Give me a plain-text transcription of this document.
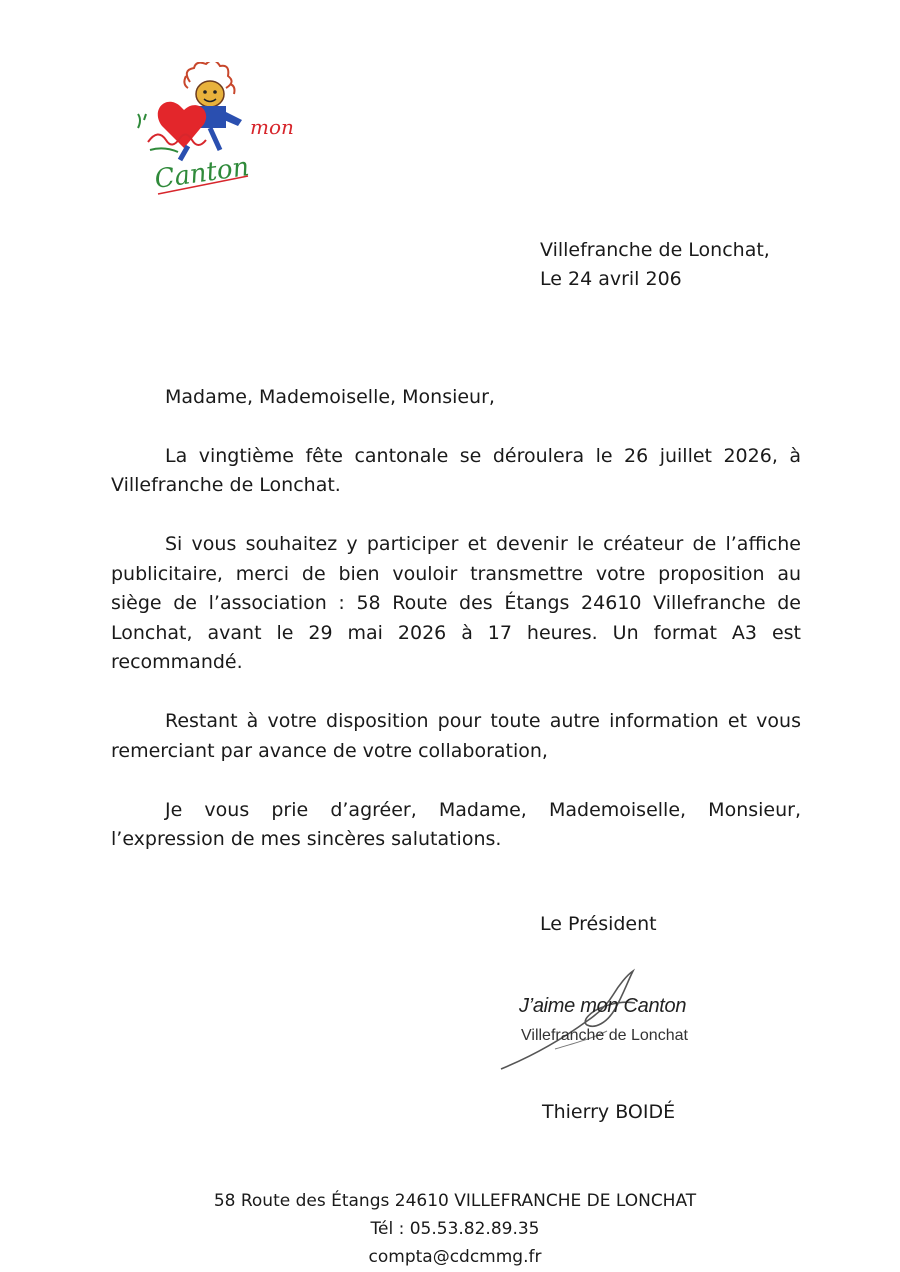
mon
Canton
Villefranche de Lonchat,
Le 24 avril 206

Madame, Mademoiselle, Monsieur,

La vingtième fête cantonale se déroulera le 26 juillet 2026, à Villefranche de Lonchat.

Si vous souhaitez y participer et devenir le créateur de l’affiche publicitaire, merci de bien vouloir transmettre votre proposition au siège de l’association : 58 Route des Étangs 24610 Villefranche de Lonchat, avant le 29 mai 2026 à 17 heures. Un format A3 est recommandé.

Restant à votre disposition pour toute autre information et vous remerciant par avance de votre collaboration,

Je vous prie d’agréer, Madame, Mademoiselle, Monsieur, l’expression de mes sincères salutations.

Le Président
J’aime mon Canton
Villefranche de Lonchat
Thierry BOIDÉ
58 Route des Étangs 24610 VILLEFRANCHE DE LONCHAT
Tél : 05.53.82.89.35
compta@cdcmmg.fr
